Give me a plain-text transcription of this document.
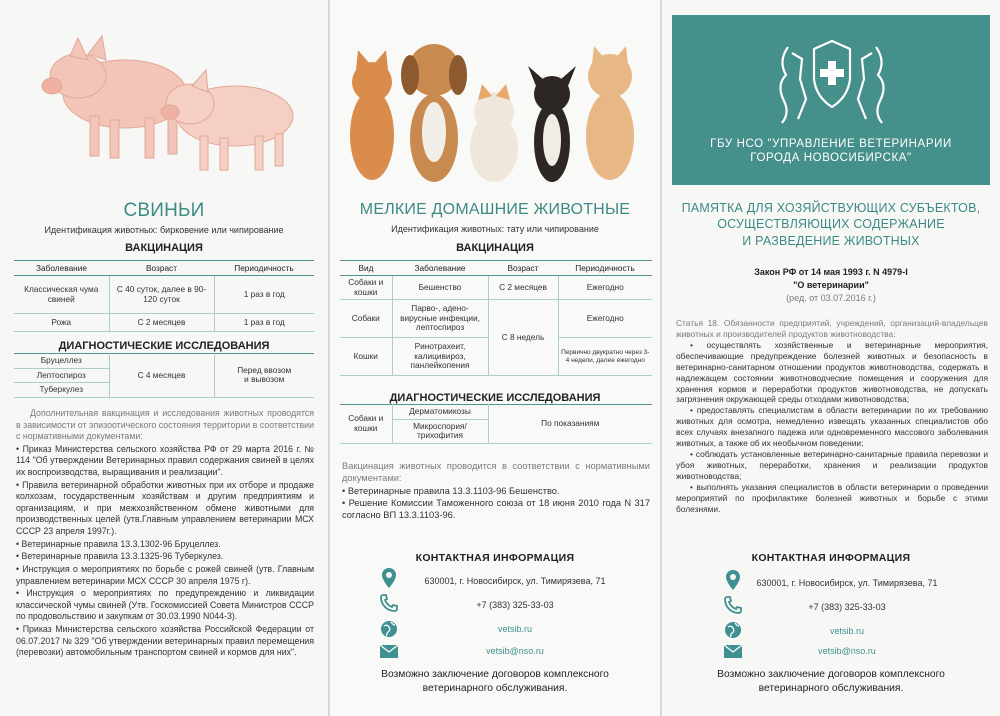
СВИНЬИ
Идентификация животных: бирковение или чипирование
ВАКЦИНАЦИЯ
Заболевание	Возраст	Периодичность
Классическая чума свиней	С 40 суток, далее в 90-120 суток	1 раз в год
Рожа	С 2 месяцев	1 раз в год
ДИАГНОСТИЧЕСКИЕ ИССЛЕДОВАНИЯ
Бруцеллез	С 4 месяцев	Перед ввозом и вывозом
Лептоспироз
Туберкулез

Дополнительная вакцинация и исследования животных проводятся в зависимости от эпизоотического состояния территории в соответствии с нормативными документами:

• Приказ Министерства сельского хозяйства РФ от 29 марта 2016 г. № 114 "Об утверждении Ветеринарных правил содержания свиней в целях их воспроизводства, выращивания и реализации".

• Правила ветеринарной обработки животных при их отборе и продаже колхозам, государственным хозяйствам и другим предприятиям и организациям, и при межхозяйственном обмене животными для производственных целей (утв.Главным управлением ветеринарии МСХ СССР 23 апреля 1997г.).

• Ветеринарные правила 13.3.1302-96 Бруцеллез.

• Ветеринарные правила 13.3.1325-96 Туберкулез.

• Инструкция о мероприятиях по борьбе с рожей свиней (утв. Главным управлением ветеринарии МСХ СССР 30 апреля 1975 г).

• Инструкция о мероприятиях по предупреждению и ликвидации классической чумы свиней (Утв. Госкомиссией Совета Министров СССР по продовольствию и закупкам от 30.03.1990 N044-3).

• Приказ Министерства сельского хозяйства Российской Федерации от 06.07.2017 № 329 "Об утверждении ветеринарных правил перемещения (перевозки) автомобильным транспортом свиней и кормов для них".

МЕЛКИЕ ДОМАШНИЕ ЖИВОТНЫЕ
Идентификация животных: тату или чипирование
ВАКЦИНАЦИЯ
Вид	Заболевание	Возраст	Периодичность
Собаки и кошки	Бешенство	С 2 месяцев	Ежегодно
Собаки	Парво-, адено-вирусные инфекции, лептоспироз	С 8 недель	Ежегодно
Кошки	Ринотрахеит, калицивироз, панлейкопения		Первично двукратно через 3-4 недели, далее ежегодно
ДИАГНОСТИЧЕСКИЕ ИССЛЕДОВАНИЯ
Собаки и кошки	Дерматомикозы	По показаниям
Микроспория/ трихофития

Вакцинация животных проводится в соответствии с нормативными документами:

• Ветеринарные правила 13.3.1103-96 Бешенство.

• Решение Комиссии Таможенного союза от 18 июня 2010 года N 317 согласно ВП 13.3.1103-96.

КОНТАКТНАЯ ИНФОРМАЦИЯ
630001, г. Новосибирск, ул. Тимирязева, 71
+7 (383) 325-33-03
vetsib.ru
vetsib@nso.ru
Возможно заключение договоров комплексного
ветеринарного обслуживания.
ГБУ НСО "УПРАВЛЕНИЕ ВЕТЕРИНАРИИ
ГОРОДА НОВОСИБИРСКА"
ПАМЯТКА ДЛЯ ХОЗЯЙСТВУЮЩИХ СУБЪЕКТОВ,
ОСУЩЕСТВЛЯЮЩИХ СОДЕРЖАНИЕ
И РАЗВЕДЕНИЕ ЖИВОТНЫХ
Закон РФ от 14 мая 1993 г. N 4979-I
"О ветеринарии"
(ред. от 03.07.2016 г.)

Статья 18. Обязанности предприятий, учреждений, организаций-владельцев животных и производителей продуктов животноводства:

• осуществлять хозяйственные и ветеринарные мероприятия, обеспечивающие предупреждение болезней животных и безопасность в ветеринарно-санитарном отношении продуктов животноводства, содержать в надлежащем состоянии животноводческие помещения и сооружения для хранения кормов и переработки продуктов животноводства, не допускать загрязнения окружающей среды отходами животноводства;

• предоставлять специалистам в области ветеринарии по их требованию животных для осмотра, немедленно извещать указанных специалистов обо всех случаях внезапного падежа или одновременного массового заболевания животных, а также об их необычном поведении;

• соблюдать установленные ветеринарно-санитарные правила перевозки и убоя животных, переработки, хранения и реализации продуктов животноводства;

• выполнять указания специалистов в области ветеринарии о проведении мероприятий по профилактике болезней животных и борьбе с этими болезнями.

КОНТАКТНАЯ ИНФОРМАЦИЯ
630001, г. Новосибирск, ул. Тимирязева, 71
+7 (383) 325-33-03
vetsib.ru
vetsib@nso.ru
Возможно заключение договоров комплексного
ветеринарного обслуживания.
